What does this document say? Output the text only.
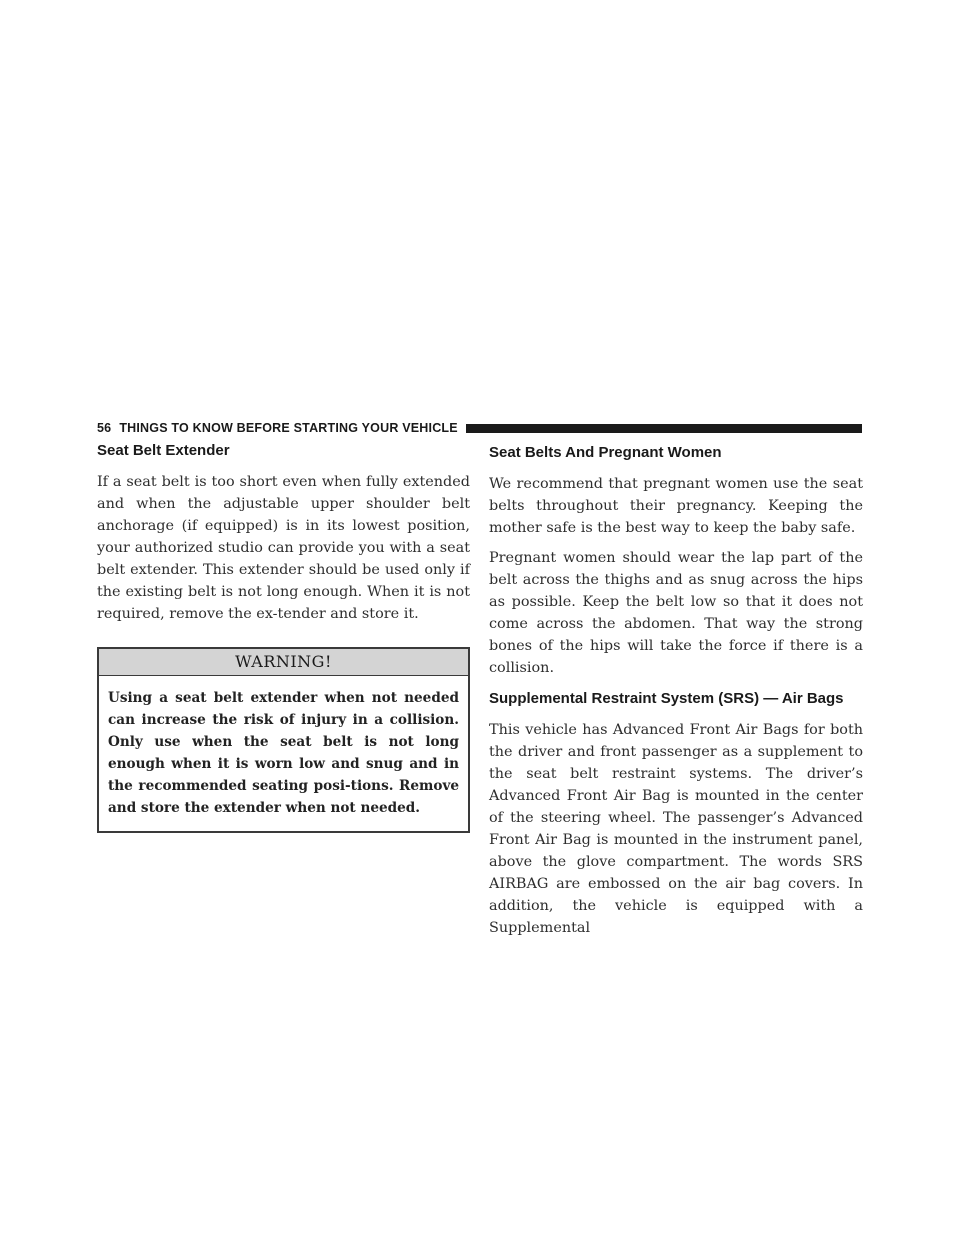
56 THINGS TO KNOW BEFORE STARTING YOUR VEHICLE
Seat Belt Extender

If a seat belt is too short even when fully extended and when the adjustable upper shoulder belt anchorage (if equipped) is in its lowest position, your authorized studio can provide you with a seat belt extender. This extender should be used only if the existing belt is not long enough. When it is not required, remove the ex-tender and store it.

WARNING!
Using a seat belt extender when not needed can increase the risk of injury in a collision. Only use when the seat belt is not long enough when it is worn low and snug and in the recommended seating posi-tions. Remove and store the extender when not needed.
Seat Belts And Pregnant Women

We recommend that pregnant women use the seat belts throughout their pregnancy. Keeping the mother safe is the best way to keep the baby safe.

Pregnant women should wear the lap part of the belt across the thighs and as snug across the hips as possible. Keep the belt low so that it does not come across the abdomen. That way the strong bones of the hips will take the force if there is a collision.

Supplemental Restraint System (SRS) — Air Bags

This vehicle has Advanced Front Air Bags for both the driver and front passenger as a supplement to the seat belt restraint systems. The driver’s Advanced Front Air Bag is mounted in the center of the steering wheel. The passenger’s Advanced Front Air Bag is mounted in the instrument panel, above the glove compartment. The words SRS AIRBAG are embossed on the air bag covers. In addition, the vehicle is equipped with a Supplemental
